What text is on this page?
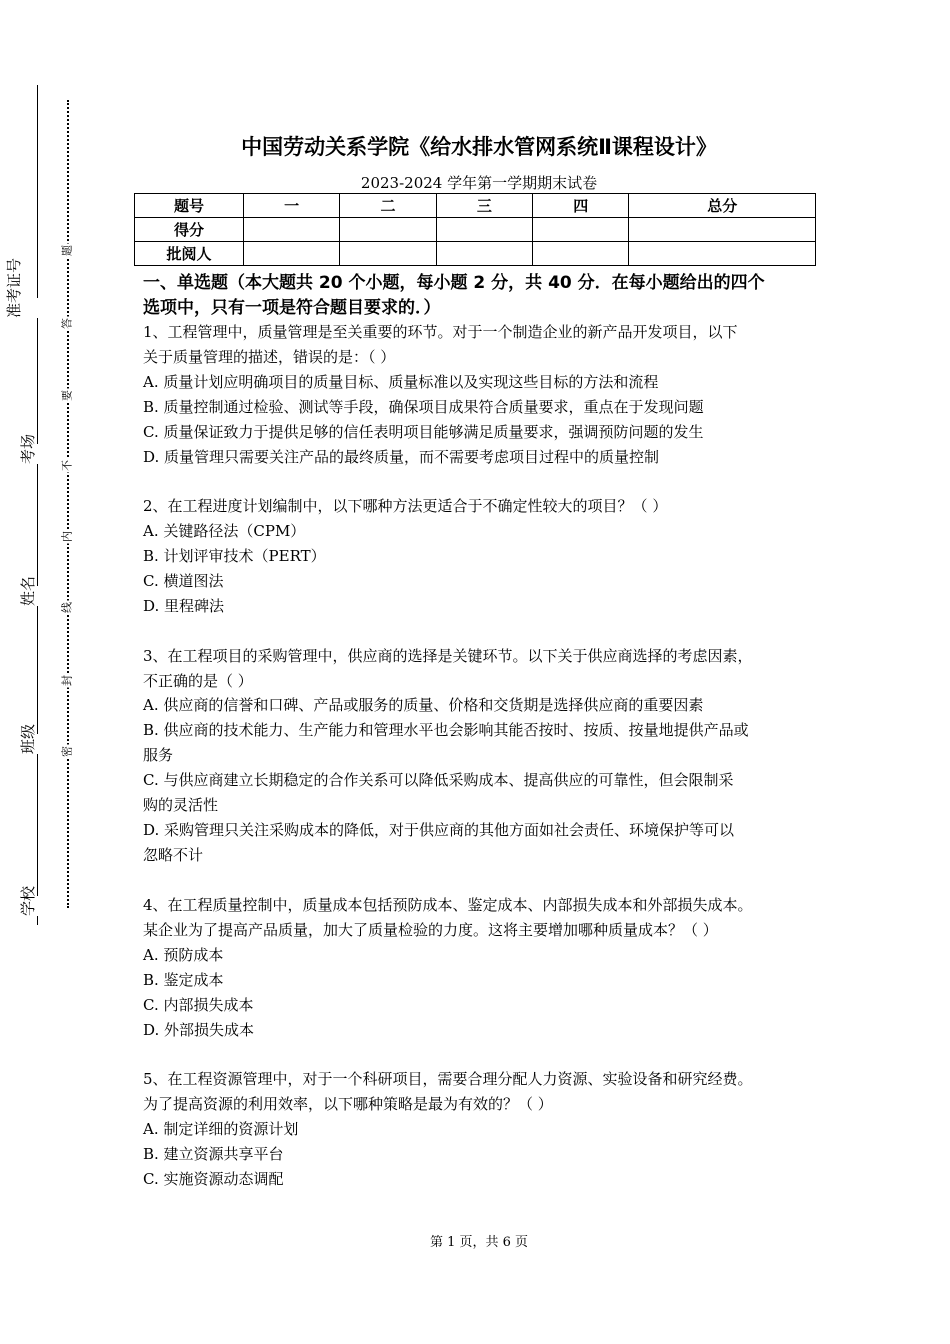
准考证号
考场
姓名
班级
学校
题
答
要
不
内
线
封
密
中国劳动关系学院《给水排水管网系统Ⅱ课程设计》
2023-2024 学年第一学期期末试卷
题号	一	二	三	四	总分
得分					
批阅人					
一、单选题（本大题共 20 个小题，每小题 2 分，共 40 分．在每小题给出的四个
选项中，只有一项是符合题目要求的．）
1、工程管理中，质量管理是至关重要的环节。对于一个制造企业的新产品开发项目，以下
关于质量管理的描述，错误的是：（ ）
A. 质量计划应明确项目的质量目标、质量标准以及实现这些目标的方法和流程
B. 质量控制通过检验、测试等手段，确保项目成果符合质量要求，重点在于发现问题
C. 质量保证致力于提供足够的信任表明项目能够满足质量要求，强调预防问题的发生
D. 质量管理只需要关注产品的最终质量，而不需要考虑项目过程中的质量控制
2、在工程进度计划编制中，以下哪种方法更适合于不确定性较大的项目？（ ）
A. 关键路径法（CPM）
B. 计划评审技术（PERT）
C. 横道图法
D. 里程碑法
3、在工程项目的采购管理中，供应商的选择是关键环节。以下关于供应商选择的考虑因素，
不正确的是（ ）
A. 供应商的信誉和口碑、产品或服务的质量、价格和交货期是选择供应商的重要因素
B. 供应商的技术能力、生产能力和管理水平也会影响其能否按时、按质、按量地提供产品或
服务
C. 与供应商建立长期稳定的合作关系可以降低采购成本、提高供应的可靠性，但会限制采
购的灵活性
D. 采购管理只关注采购成本的降低，对于供应商的其他方面如社会责任、环境保护等可以
忽略不计
4、在工程质量控制中，质量成本包括预防成本、鉴定成本、内部损失成本和外部损失成本。
某企业为了提高产品质量，加大了质量检验的力度。这将主要增加哪种质量成本？（ ）
A. 预防成本
B. 鉴定成本
C. 内部损失成本
D. 外部损失成本
5、在工程资源管理中，对于一个科研项目，需要合理分配人力资源、实验设备和研究经费。
为了提高资源的利用效率，以下哪种策略是最为有效的？（ ）
A. 制定详细的资源计划
B. 建立资源共享平台
C. 实施资源动态调配
第 1 页，共 6 页
